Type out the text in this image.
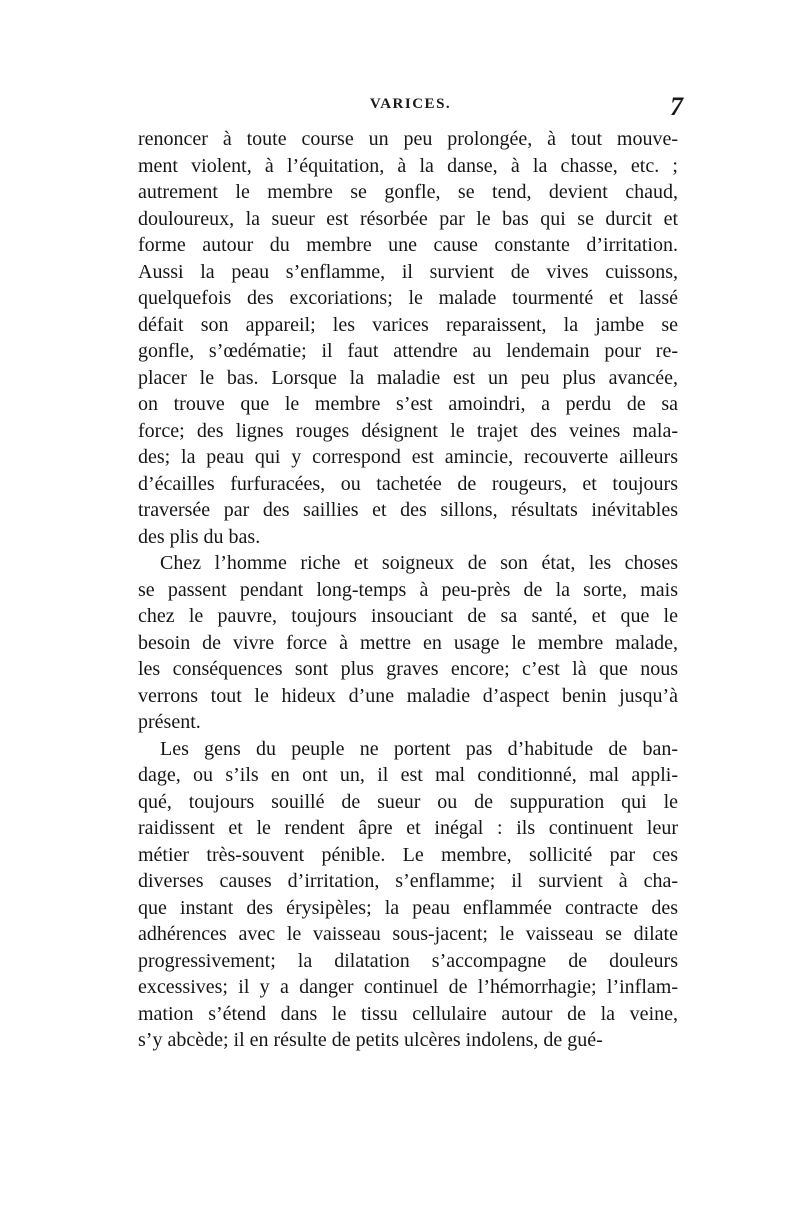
VARICES.	7
renoncer à toute course un peu prolongée, à tout mouve-
ment violent, à l’équitation, à la danse, à la chasse, etc. ;
autrement le membre se gonfle, se tend, devient chaud,
douloureux, la sueur est résorbée par le bas qui se durcit et
forme autour du membre une cause constante d’irritation.
Aussi la peau s’enflamme, il survient de vives cuissons,
quelquefois des excoriations; le malade tourmenté et lassé
défait son appareil; les varices reparaissent, la jambe se
gonfle, s’œdématie; il faut attendre au lendemain pour re-
placer le bas. Lorsque la maladie est un peu plus avancée,
on trouve que le membre s’est amoindri, a perdu de sa
force; des lignes rouges désignent le trajet des veines mala-
des; la peau qui y correspond est amincie, recouverte ailleurs
d’écailles furfuracées, ou tachetée de rougeurs, et toujours
traversée par des saillies et des sillons, résultats inévitables
des plis du bas.
Chez l’homme riche et soigneux de son état, les choses
se passent pendant long-temps à peu-près de la sorte, mais
chez le pauvre, toujours insouciant de sa santé, et que le
besoin de vivre force à mettre en usage le membre malade,
les conséquences sont plus graves encore; c’est là que nous
verrons tout le hideux d’une maladie d’aspect benin jusqu’à
présent.
Les gens du peuple ne portent pas d’habitude de ban-
dage, ou s’ils en ont un, il est mal conditionné, mal appli-
qué, toujours souillé de sueur ou de suppuration qui le
raidissent et le rendent âpre et inégal : ils continuent leur
métier très-souvent pénible. Le membre, sollicité par ces
diverses causes d’irritation, s’enflamme; il survient à cha-
que instant des érysipèles; la peau enflammée contracte des
adhérences avec le vaisseau sous-jacent; le vaisseau se dilate
progressivement; la dilatation s’accompagne de douleurs
excessives; il y a danger continuel de l’hémorrhagie; l’inflam-
mation s’étend dans le tissu cellulaire autour de la veine,
s’y abcède; il en résulte de petits ulcères indolens, de gué-
